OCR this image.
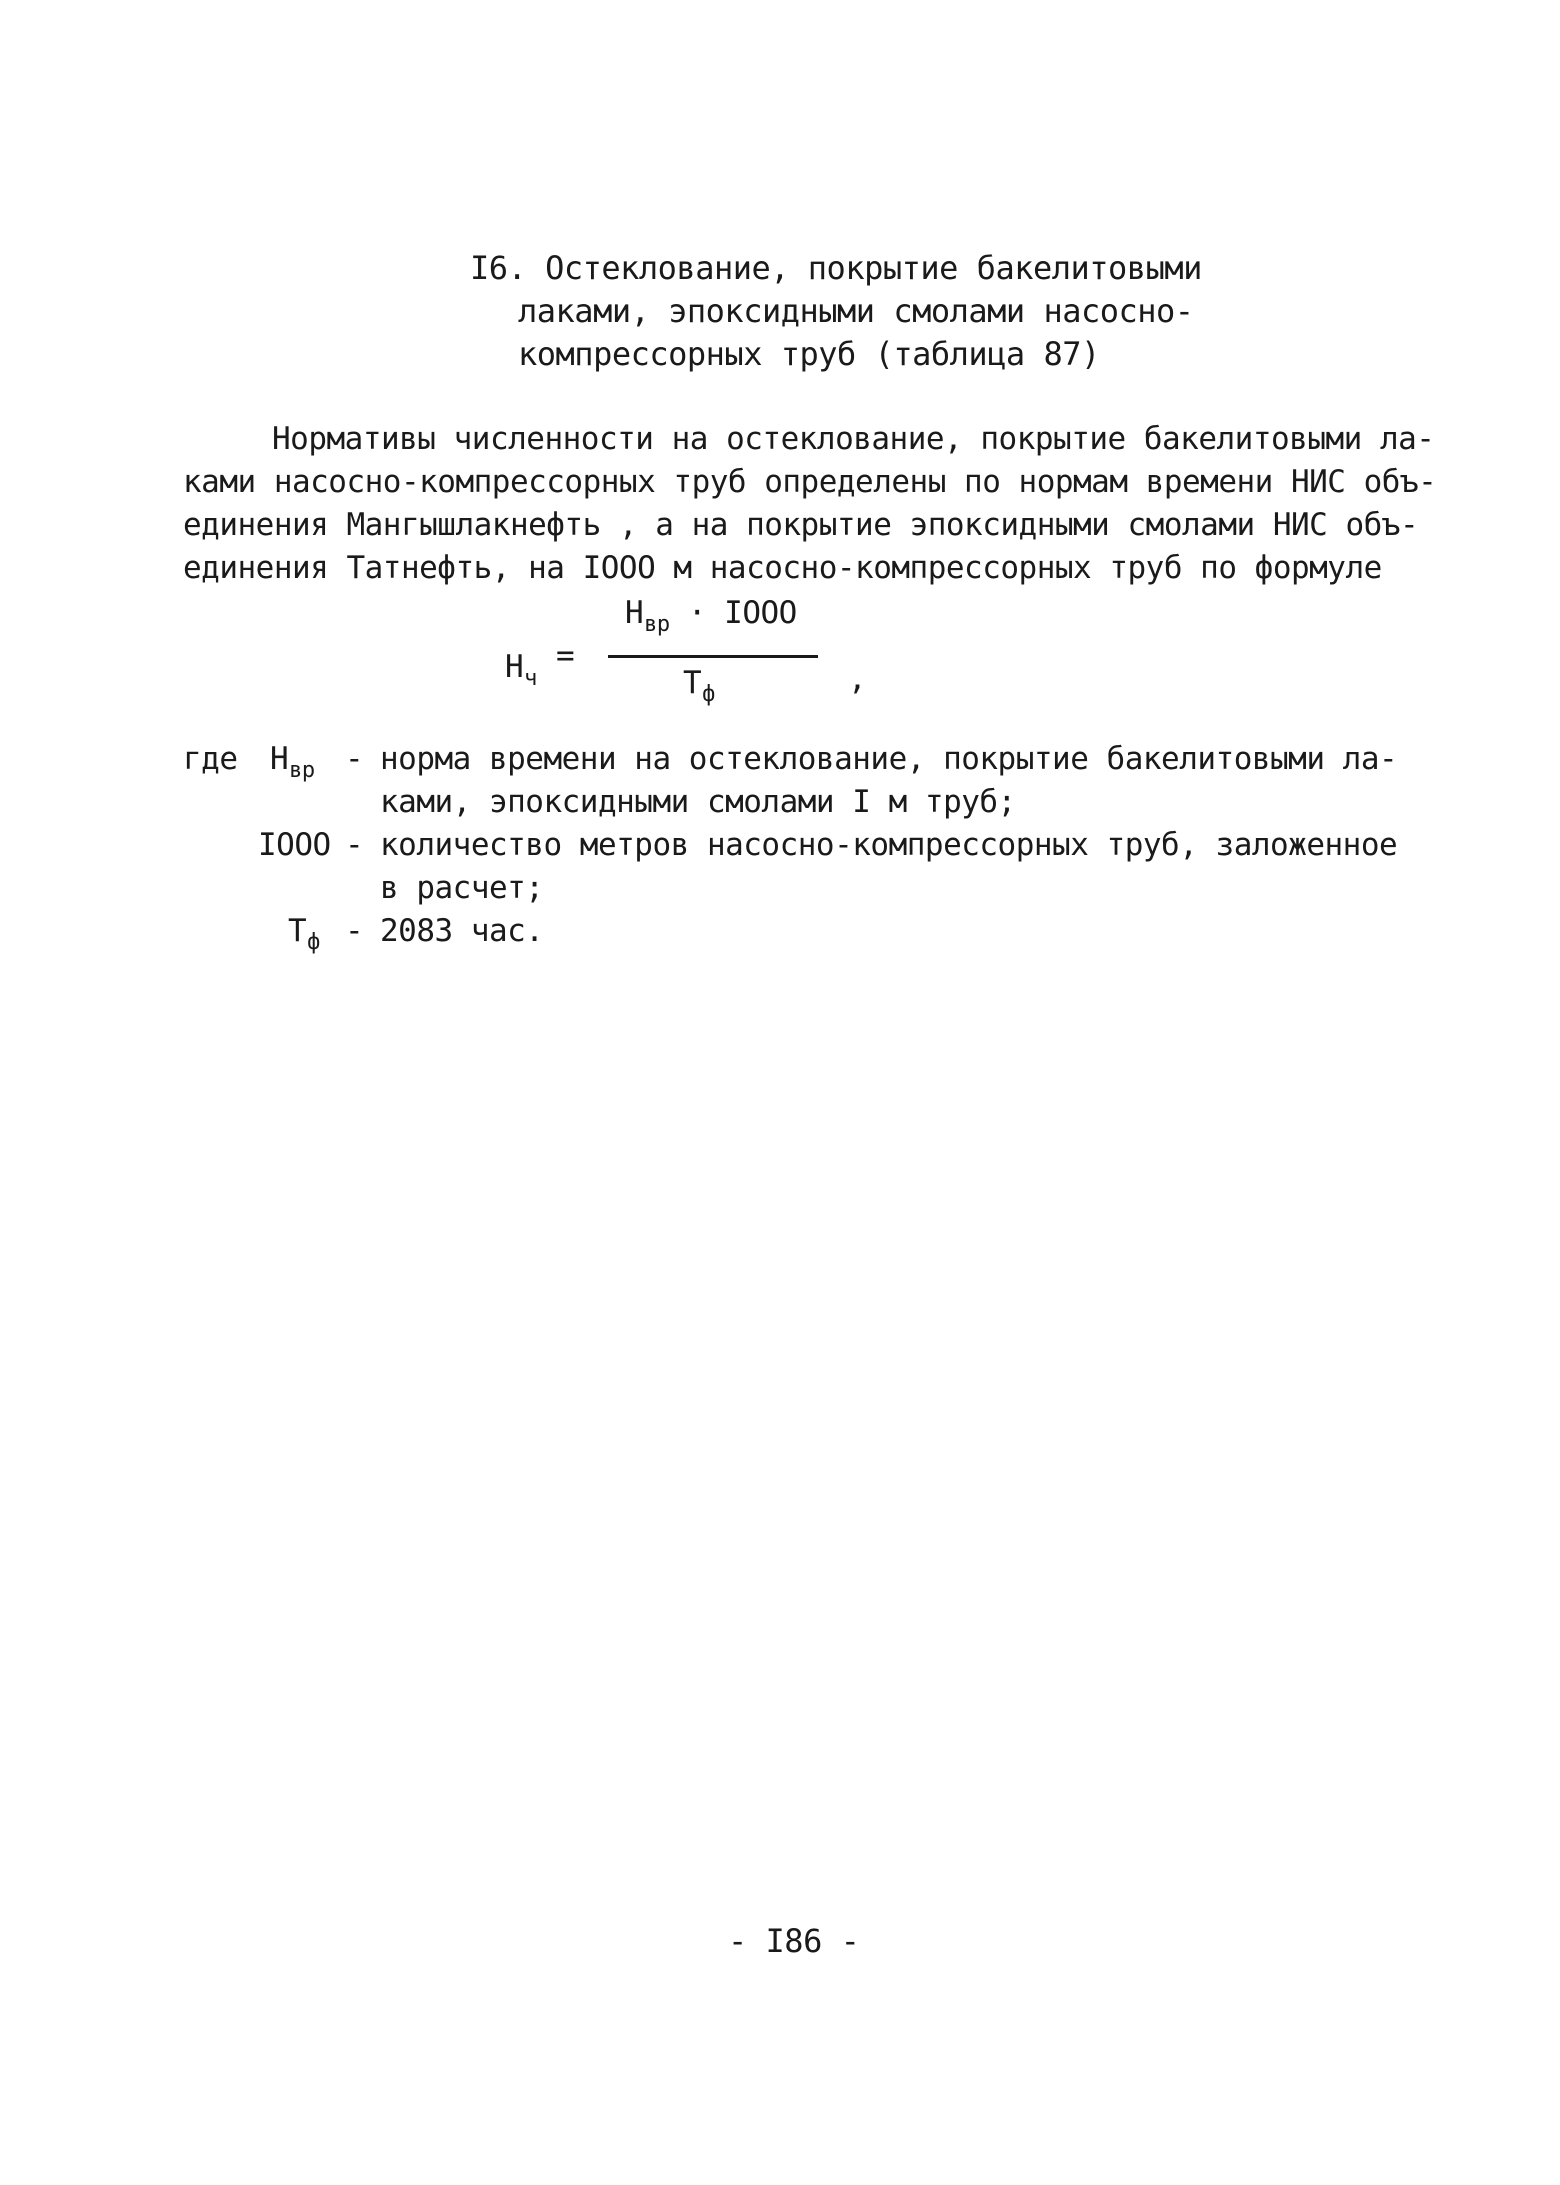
I6. Остеклование, покрытие бакелитовыми
лаками, эпоксидными смолами насосно-
компрессорных труб (таблица 87)
Нормативы численности на остеклование, покрытие бакелитовыми ла-
ками насосно-компрессорных труб определены по нормам времени НИС объ-
единения Мангышлакнефть , а на покрытие эпоксидными смолами НИС объ-
единения Татнефть, на IOOO м насосно-компрессорных труб по формуле
$Н_ч$
=
$Н_{вр}$ · IOOO
$Т_ф$	,
где $Н_{вр}$ - норма времени на остеклование, покрытие бакелитовыми ла-
ками, эпоксидными смолами I м труб;
IOOO - количество метров насосно-компрессорных труб, заложенное
в расчет;
$Т_ф - 2083$ час.
- I86 -
